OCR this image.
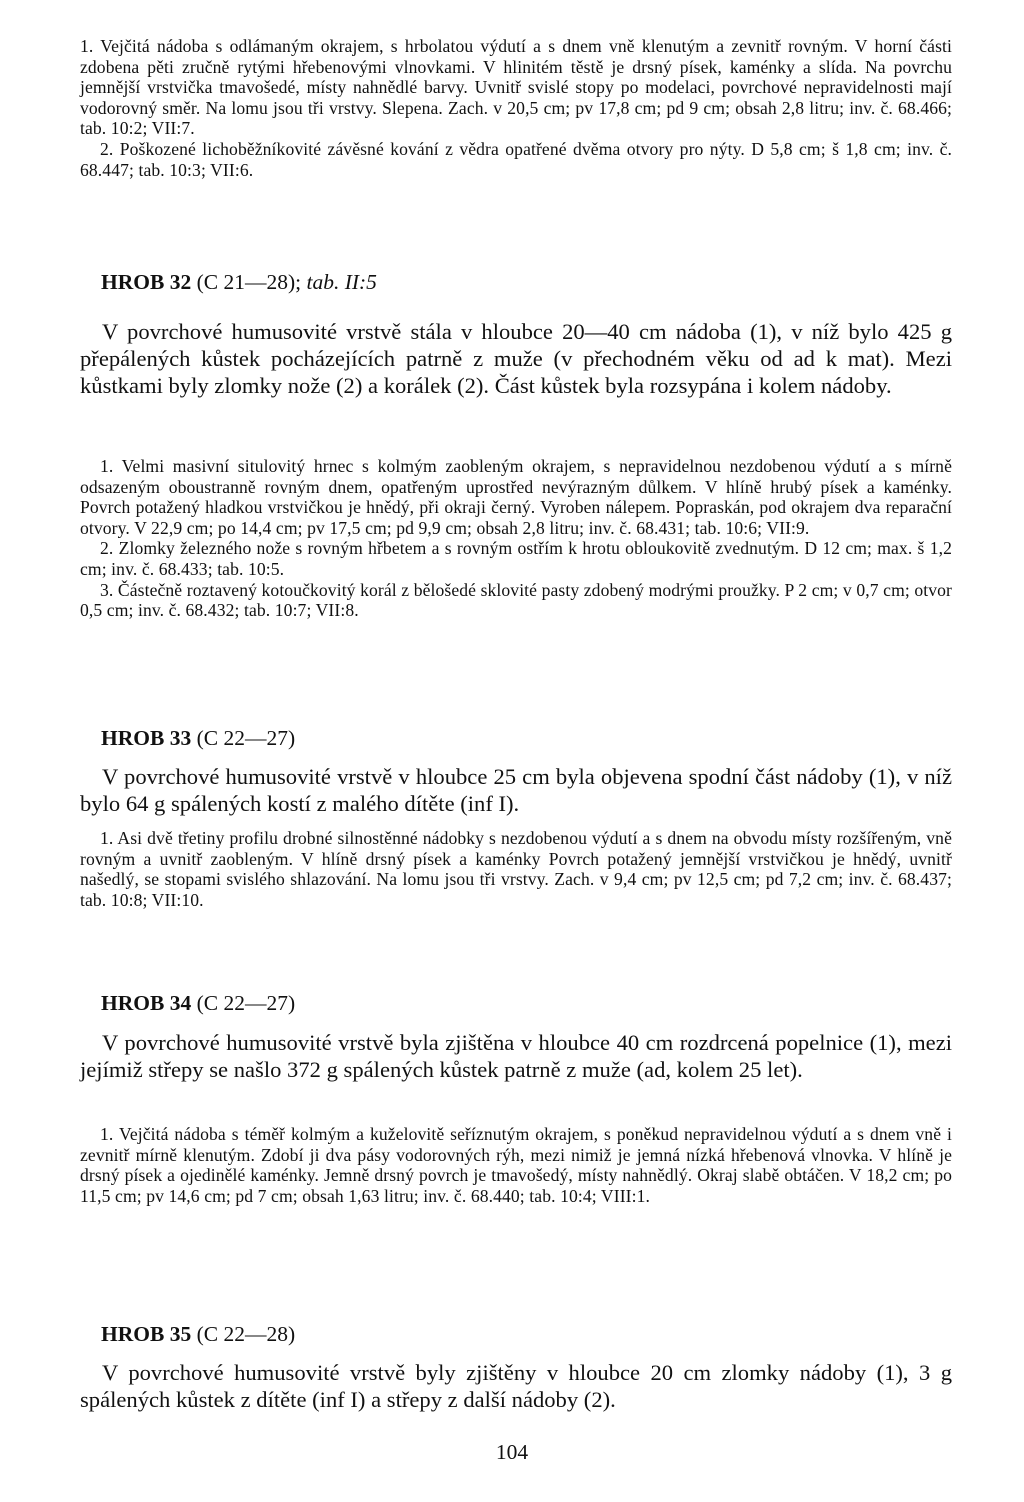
1. Vejčitá nádoba s odlámaným okrajem, s hrbolatou výdutí a s dnem vně klenutým a zevnitř rovným. V horní části zdobena pěti zručně rytými hřebenovými vlnovkami. V hlinitém těstě je drsný písek, kaménky a slída. Na povrchu jemnější vrstvička tmavošedé, místy nahnědlé barvy. Uvnitř svislé stopy po modelaci, povrchové nepravidelnosti mají vodorovný směr. Na lomu jsou tři vrstvy. Slepena. Zach. v 20,5 cm; pv 17,8 cm; pd 9 cm; obsah 2,8 litru; inv. č. 68.466; tab. 10:2; VII:7.

2. Poškozené lichoběžníkovité závěsné kování z vědra opatřené dvěma otvory pro nýty. D 5,8 cm; š 1,8 cm; inv. č. 68.447; tab. 10:3; VII:6.

HROB 32 (C 21—28); tab. II:5

V povrchové humusovité vrstvě stála v hloubce 20—40 cm nádoba (1), v níž bylo 425 g přepálených kůstek pocházejících patrně z muže (v přechodném věku od ad k mat). Mezi kůstkami byly zlomky nože (2) a korálek (2). Část kůstek byla rozsypána i kolem nádoby.

1. Velmi masivní situlovitý hrnec s kolmým zaobleným okrajem, s nepravidelnou nezdobenou výdutí a s mírně odsazeným oboustranně rovným dnem, opatřeným uprostřed nevýrazným důlkem. V hlíně hrubý písek a kaménky. Povrch potažený hladkou vrstvičkou je hnědý, při okraji černý. Vyroben nálepem. Popraskán, pod okrajem dva reparační otvory. V 22,9 cm; po 14,4 cm; pv 17,5 cm; pd 9,9 cm; obsah 2,8 litru; inv. č. 68.431; tab. 10:6; VII:9.

2. Zlomky železného nože s rovným hřbetem a s rovným ostřím k hrotu obloukovitě zvednutým. D 12 cm; max. š 1,2 cm; inv. č. 68.433; tab. 10:5.

3. Částečně roztavený kotoučkovitý korál z bělošedé sklovité pasty zdobený modrými proužky. P 2 cm; v 0,7 cm; otvor 0,5 cm; inv. č. 68.432; tab. 10:7; VII:8.

HROB 33 (C 22—27)

V povrchové humusovité vrstvě v hloubce 25 cm byla objevena spodní část nádoby (1), v níž bylo 64 g spálených kostí z malého dítěte (inf I).

1. Asi dvě třetiny profilu drobné silnostěnné nádobky s nezdobenou výdutí a s dnem na obvodu místy rozšířeným, vně rovným a uvnitř zaobleným. V hlíně drsný písek a kaménky Povrch potažený jemnější vrstvičkou je hnědý, uvnitř našedlý, se stopami svislého shlazování. Na lomu jsou tři vrstvy. Zach. v 9,4 cm; pv 12,5 cm; pd 7,2 cm; inv. č. 68.437; tab. 10:8; VII:10.

HROB 34 (C 22—27)

V povrchové humusovité vrstvě byla zjištěna v hloubce 40 cm rozdrcená popelnice (1), mezi jejímiž střepy se našlo 372 g spálených kůstek patrně z muže (ad, kolem 25 let).

1. Vejčitá nádoba s téměř kolmým a kuželovitě seříznutým okrajem, s poněkud nepravidelnou výdutí a s dnem vně i zevnitř mírně klenutým. Zdobí ji dva pásy vodorovných rýh, mezi nimiž je jemná nízká hřebenová vlnovka. V hlíně je drsný písek a ojedinělé kaménky. Jemně drsný povrch je tmavošedý, místy nahnědlý. Okraj slabě obtáčen. V 18,2 cm; po 11,5 cm; pv 14,6 cm; pd 7 cm; obsah 1,63 litru; inv. č. 68.440; tab. 10:4; VIII:1.

HROB 35 (C 22—28)

V povrchové humusovité vrstvě byly zjištěny v hloubce 20 cm zlomky nádoby (1), 3 g spálených kůstek z dítěte (inf I) a střepy z další nádoby (2).

104
